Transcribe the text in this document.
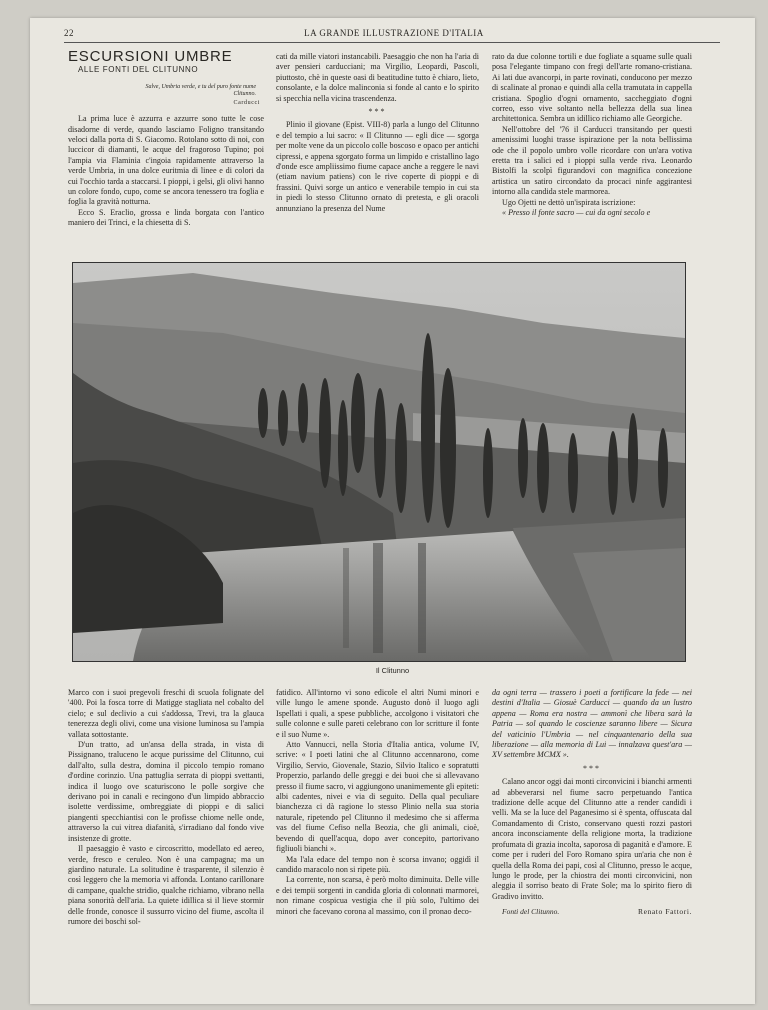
22	LA GRANDE ILLUSTRAZIONE D'ITALIA
ESCURSIONI UMBRE
ALLE FONTI DEL CLITUNNO
Salve, Umbria verde, e tu del puro fonte nume Clitunno.
Carducci

La prima luce è azzurra e azzurre sono tutte le cose disadorne di verde, quando lasciamo Foligno transitando veloci dalla porta di S. Giacomo. Rotolano sotto di noi, con luccicor di diamanti, le acque del fragoroso Tupino; poi l'ampia via Flaminia c'ingoia rapidamente attraverso la verde Umbria, in una dolce euritmia di linee e di colori da cui l'occhio tarda a staccarsi. I pioppi, i gelsi, gli olivi hanno un colore fondo, cupo, come se ancora tenessero tra foglia e foglia la gravità notturna.

Ecco S. Eraclio, grossa e linda borgata con l'antico maniero dei Trinci, e la chiesetta di S.

cati da mille viatori instancabili. Paesaggio che non ha l'aria di aver pensieri carducciani; ma Virgilio, Leopardi, Pascoli, piuttosto, chè in queste oasi di beatitudine tutto è chiaro, lieto, consolante, e la dolce malinconia si fonde al canto e lo spirito si specchia nella vicina trascendenza.

***

Plinio il giovane (Epist. VIII-8) parla a lungo del Clitunno e del tempio a lui sacro: « Il Clitunno — egli dice — sgorga per molte vene da un piccolo colle boscoso e opaco per antichi cipressi, e appena sgorgato forma un limpido e cristallino lago d'onde esce ampliissimo fiume capace anche a reggere le navi (etiam navium patiens) con le rive coperte di pioppi e di frassini. Quivi sorge un antico e venerabile tempio in cui sta in piedi lo stesso Clitunno ornato di pretesta, e gli oracoli annunziano la presenza del Nume

rato da due colonne tortili e due fogliate a squame sulle quali posa l'elegante timpano con fregi dell'arte romano-cristiana. Ai lati due avancorpi, in parte rovinati, conducono per mezzo di scalinate al pronao e quindi alla cella tramutata in cappella cristiana. Spoglio d'ogni ornamento, saccheggiato d'ogni correo, esso vive soltanto nella bellezza della sua linea architettonica. Sembra un idillico richiamo alle Georgiche.

Nell'ottobre del '76 il Carducci transitando per questi amenissimi luoghi trasse ispirazione per la nota bellissima ode che il popolo umbro volle ricordare con un'ara votiva eretta tra i salici ed i pioppi sulla verde riva. Leonardo Bistolfi la scolpì figurandovi con magnifica concezione artistica un satiro circondato da procaci ninfe aggirantesi intorno alla candida stele marmorea.

Ugo Ojetti ne dettò un'ispirata iscrizione:

« Presso il fonte sacro — cui da ogni secolo e

Il Clitunno

Marco con i suoi pregevoli freschi di scuola folignate del '400. Poi la fosca torre di Matigge stagliata nel cobalto del cielo; e sul declivio a cui s'addossa, Trevi, tra la glauca tenerezza degli olivi, come una visione luminosa su l'ampia vallata sottostante.

D'un tratto, ad un'ansa della strada, in vista di Pissignano, traluceno le acque purissime del Clitunno, cui dall'alto, sulla destra, domina il piccolo tempio romano d'ordine corinzio. Una pattuglia serrata di pioppi svettanti, indica il luogo ove scaturiscono le polle sorgive che derivano poi in canali e recingono d'un limpido abbraccio isolette verdissime, ombreggiate di pioppi e di salici piangenti specchiantisi con le profisse chiome nelle onde, attraverso la cui vitrea diafanità, s'irradiano dal fondo vive insistenze di grotte.

Il paesaggio è vasto e circoscritto, modellato ed aereo, verde, fresco e ceruleo. Non è una campagna; ma un giardino naturale. La solitudine è trasparente, il silenzio è così leggero che la memoria vi affonda. Lontano carillonare di campane, qualche stridio, qualche richiamo, vibrano nella piana sonorità dell'aria. La quiete idillica si il lieve stormir delle fronde, conosce il sussurro vicino del fiume, ascolta il rumore dei boschi sol-

fatidico. All'intorno vi sono edicole el altri Numi minori e ville lungo le amene sponde. Augusto donò il luogo agli Ispellati i quali, a spese pubbliche, accolgono i visitatori che sulle colonne e sulle pareti celebrano con lor scritture il fonte e il suo Nume ».

Atto Vannucci, nella Storia d'Italia antica, volume IV, scrive: « I poeti latini che al Clitunno accennarono, come Virgilio, Servio, Giovenale, Stazio, Silvio Italico e sopratutti Properzio, parlando delle greggi e dei buoi che si allevavano presso il fiume sacro, vi aggiungono unanimemente gli epiteti: albi cadentes, nivei e via di seguito. Della qual peculiare bianchezza ci dà ragione lo stesso Plinio nella sua storia naturale, ripetendo pel Clitunno il medesimo che si afferma vas del fiume Cefiso nella Beozia, che gli animali, cioè, bevendo di quell'acqua, dopo aver concepito, partorivano figliuoli bianchi ».

Ma l'ala edace del tempo non è scorsa invano; oggidì il candido maracolo non si ripete più.

La corrente, non scarsa, è però molto diminuita. Delle ville e dei tempii sorgenti in candida gloria di colonnati marmorei, non rimane cospicua vestigia che il più solo, l'ultimo dei minori che facevano corona al massimo, con il pronao deco-

da ogni terra — trassero i poeti a fortificare la fede — nei destini d'Italia — Giosuè Carducci — quando da un lustro appena — Roma era nostra — ammonì che libera sarà la Patria — sol quando le coscienze saranno libere — Sicura del vaticinio l'Umbria — nel cinquantenario della sua liberazione — alla memoria di Lui — innalzava quest'ara — XV settembre MCMX ».

***

Calano ancor oggi dai monti circonvicini i bianchi armenti ad abbeverarsi nel fiume sacro perpetuando l'antica tradizione delle acque del Clitunno atte a render candidi i velli. Ma se la luce del Paganesimo si è spenta, offuscata dal Comandamento di Cristo, conservano questi rozzi pastori ancora inconsciamente della religione morta, la tradizione profumata di grazia incolta, saporosa di paganità e d'amore. E come per i ruderi del Foro Romano spira un'aria che non è quella della Roma dei papi, così al Clitunno, presso le acque, lungo le prode, per la chiostra dei monti circonvicini, non aleggia il sorriso beato di Frate Sole; ma lo spirito fiero di Gradivo invitto.

Fonti del Clitunno.	Renato Fattori.
